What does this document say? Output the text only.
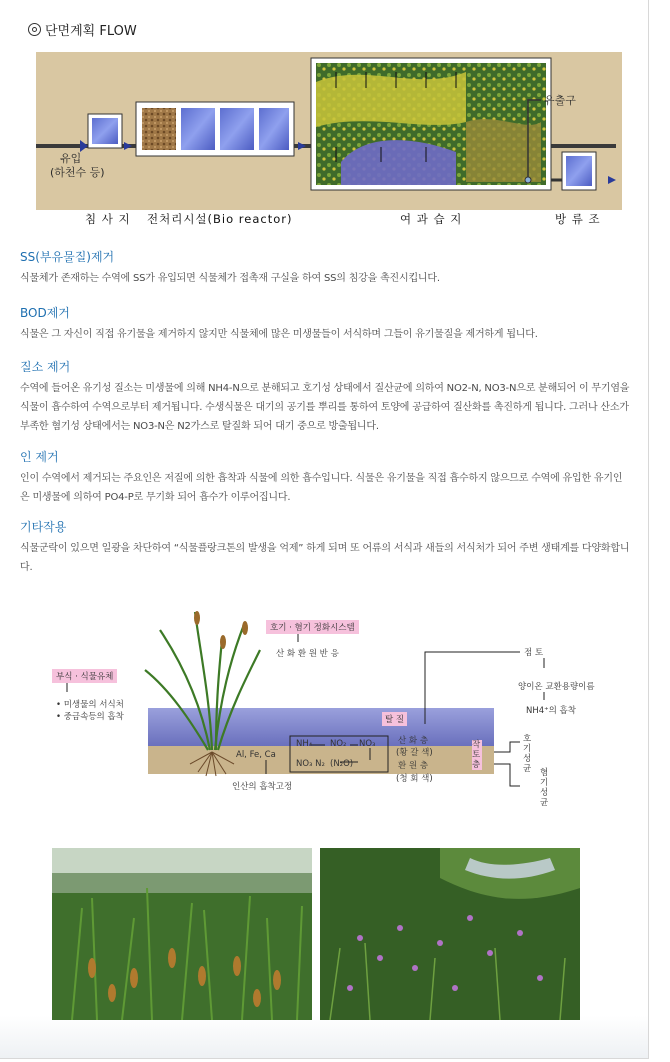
단면계획 FLOW
유입
(하천수 등)
유출구
침 사 지 전처리시설(Bio reactor)	여 과 습 지	방 류 조
SS(부유물질)제거

식물체가 존재하는 수역에 SS가 유입되면 식물체가 접촉재 구실을 하여 SS의 침강을 촉진시킵니다.

BOD제거

식물은 그 자신이 직접 유기물을 제거하지 않지만 식물체에 많은 미생물들이 서식하며 그들이 유기물질을 제거하게 됩니다.

질소 제거

수역에 들어온 유기성 질소는 미생물에 의해 NH4-N으로 분해되고 호기성 상태에서 질산균에 의하여 NO2-N, NO3-N으로 분해되어 이 무기염을 식물이 흡수하여 수역으로부터 제거됩니다. 수생식물은 대기의 공기를 뿌리를 통하여 토양에 공급하여 질산화를 촉진하게 됩니다. 그러나 산소가 부족한 혐기성 상태에서는 NO3-N은 N2가스로 탈질화 되어 대기 중으로 방출됩니다.

인 제거

인이 수역에서 제거되는 주요인은 저질에 의한 흡착과 식물에 의한 흡수입니다. 식물은 유기물을 직접 흡수하지 않으므로 수역에 유입한 유기인은 미생물에 의하여 PO4-P로 무기화 되어 흡수가 이루어집니다.

기타작용

식물군락이 있으면 일광을 차단하여 “식물플랑크톤의 발생을 억제” 하게 되며 또 어류의 서식과 새들의 서식처가 되어 주변 생태계를 다양화합니다.

호기 · 혐기 정화시스템
산 화 환 원 반 응
부식 · 식물유체
• 미생물의 서식처
• 중금속등의 흡착	탈 질
점 토
양이온 교환용량이름
NH4⁺의 흡착
산 화 층
(황 갈 색)
환 원 층
(청 회 색)
작 토 층
호 기 성 균 혐 기 성 균
NH₄ NO₂ NO₃
NO₃ N₂ (N₂O)
Al, Fe, Ca
인산의 흡착고정
